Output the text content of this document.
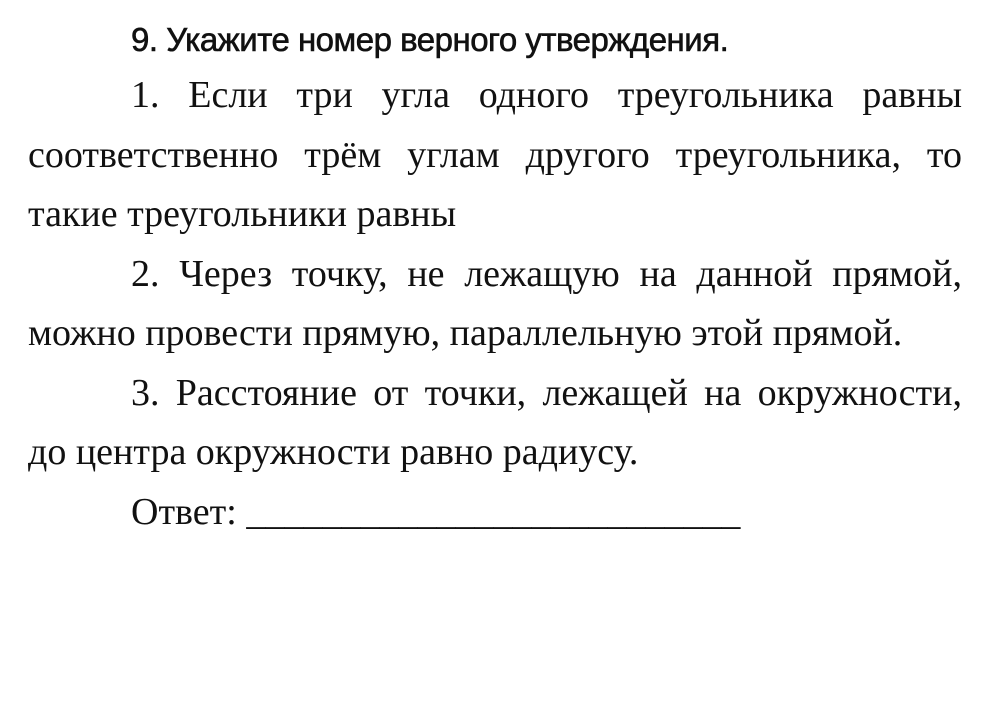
9. Укажите номер верного утверждения.

1. Если три угла одного треугольника равны соответственно трём углам другого треугольника, то такие треугольники равны

2. Через точку, не лежащую на данной прямой, можно провести прямую, параллельную этой прямой.

3. Расстояние от точки, лежащей на окружности, до центра окружности равно радиусу.

Ответ: __________________________
